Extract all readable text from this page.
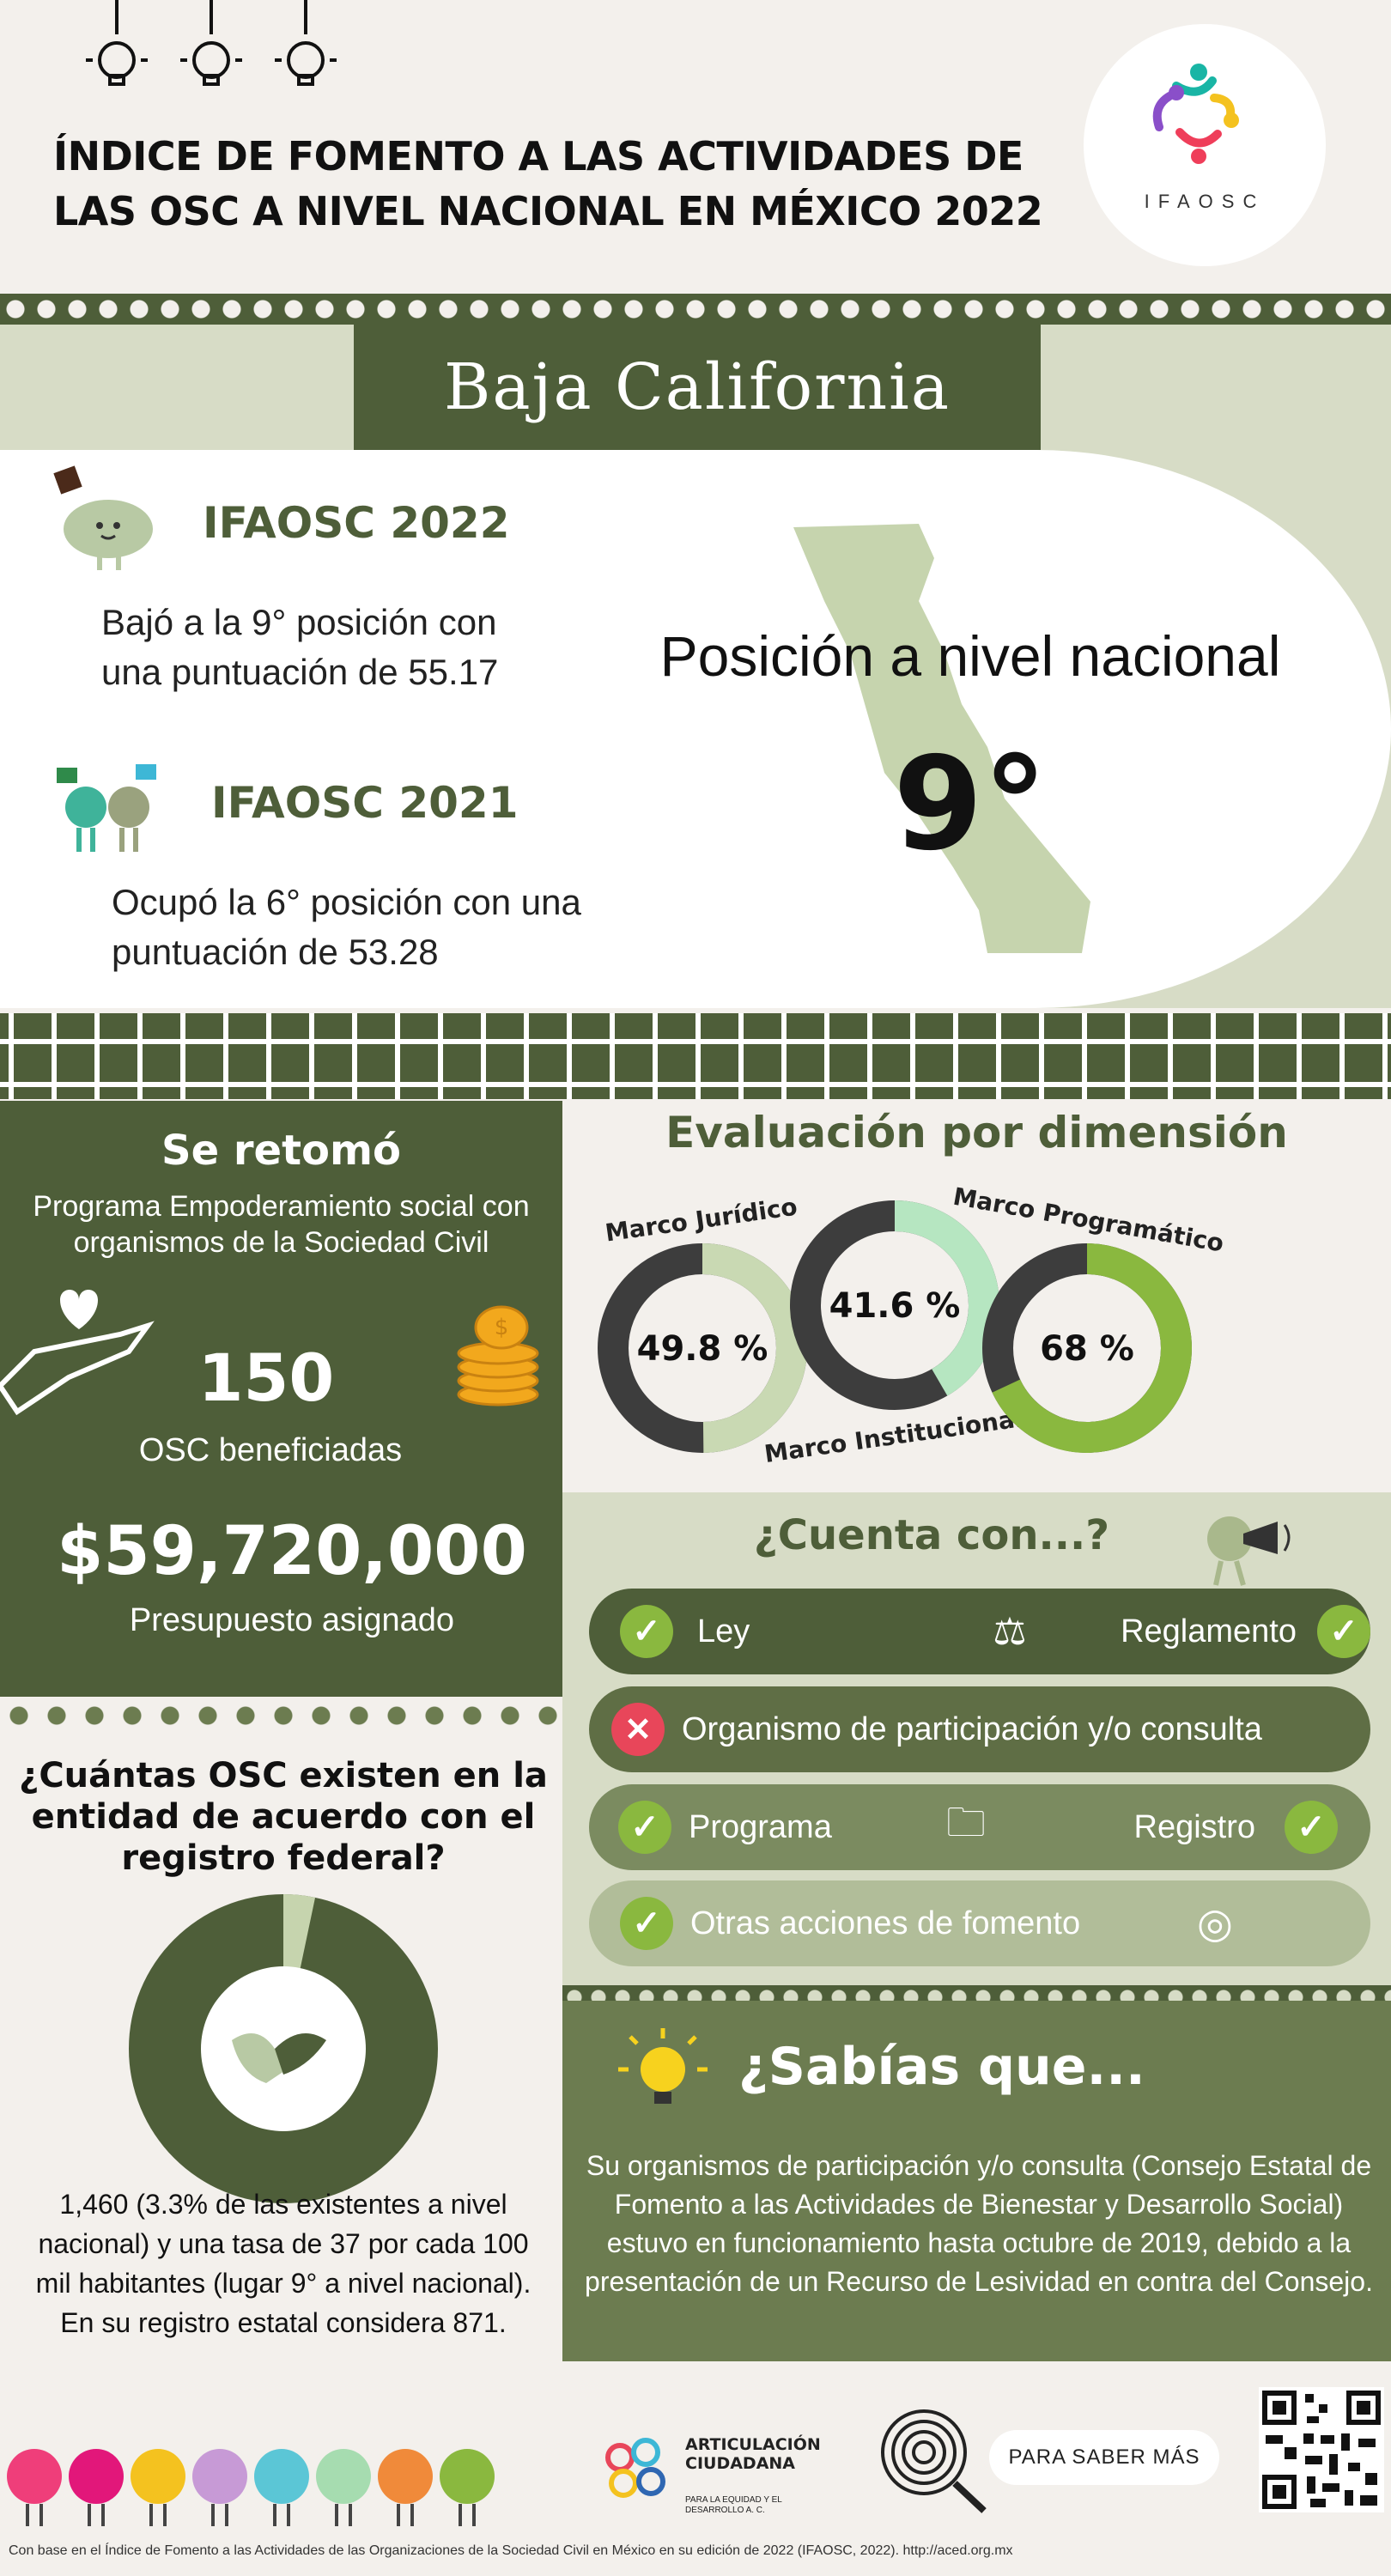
ÍNDICE DE FOMENTO A LAS ACTIVIDADES DE
LAS OSC A NIVEL NACIONAL EN MÉXICO 2022	IFAOSC
Baja California
IFAOSC 2022
Bajó a la 9° posición con
una puntuación de 55.17
IFAOSC 2021
Ocupó la 6° posición con una
puntuación de 53.28
Posición a nivel nacional
9°
Se retomó
Programa Empoderamiento social con organismos de la Sociedad Civil
$
150
OSC beneficiadas
$59,720,000
Presupuesto asignado
Evaluación por dimensión
49.8 %
Marco Jurídico
41.6 %
Marco Institucional
68 %
Marco Programático
¿Cuenta con...?
✓	Ley	⚖	Reglamento ✓
✕ Organismo de participación y/o consulta
✓ Programa	🗀	Registro	✓
✓ Otras acciones de fomento	◎
¿Sabías que...
Su organismos de participación y/o consulta (Consejo Estatal de Fomento a las Actividades de Bienestar y Desarrollo Social) estuvo en funcionamiento hasta octubre de 2019, debido a la presentación de un Recurso de Lesividad en contra del Consejo.
¿Cuántas OSC existen en la entidad de acuerdo con el registro federal?
1,460 (3.3% de las existentes a nivel nacional) y una tasa de 37 por cada 100 mil habitantes (lugar 9° a nivel nacional).
En su registro estatal considera 871.
ARTICULACIÓN CIUDADANA
PARA LA EQUIDAD Y EL DESARROLLO A. C.
PARA SABER MÁS
Con base en el Índice de Fomento a las Actividades de las Organizaciones de la Sociedad Civil en México en su edición de 2022 (IFAOSC, 2022). http://aced.org.mx
